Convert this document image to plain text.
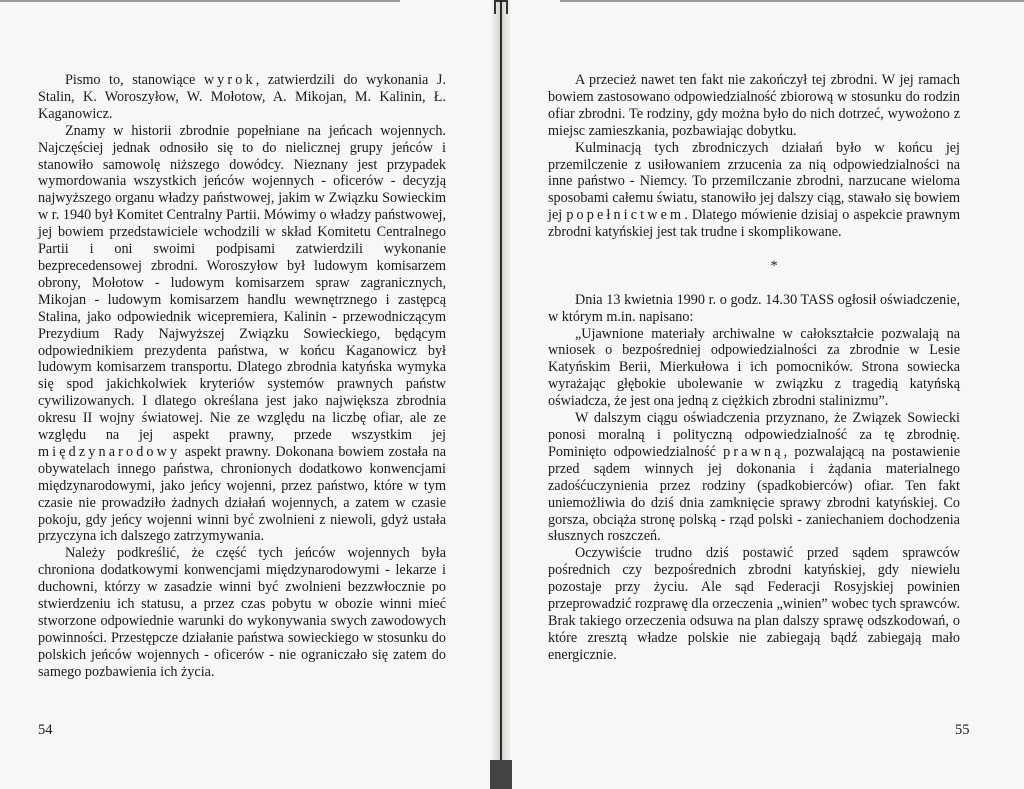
Pismo to, stanowiące wyrok, zatwierdzili do wykonania J. Stalin, K. Woroszyłow, W. Mołotow, A. Mikojan, M. Kalinin, Ł. Kaganowicz.

Znamy w historii zbrodnie popełniane na jeńcach wojennych. Najczęściej jednak odnosiło się to do nielicznej grupy jeńców i stanowiło samowolę niższego dowódcy. Nieznany jest przypadek wymordowania wszystkich jeńców wojennych - oficerów - decyzją najwyższego organu władzy państwowej, jakim w Związku Sowieckim w r. 1940 był Komitet Centralny Partii. Mówimy o władzy państwowej, jej bowiem przedstawiciele wchodzili w skład Komitetu Centralnego Partii i oni swoimi podpisami zatwierdzili wykonanie bezprecedensowej zbrodni. Woroszyłow był ludowym komisarzem obrony, Mołotow - ludowym komisarzem spraw zagranicznych, Mikojan - ludowym komisarzem handlu wewnętrznego i zastępcą Stalina, jako odpowiednik wicepremiera, Kalinin - przewodniczącym Prezydium Rady Najwyższej Związku Sowieckiego, będącym odpowiednikiem prezydenta państwa, w końcu Kaganowicz był ludowym komisarzem transportu. Dlatego zbrodnia katyńska wymyka się spod jakichkolwiek kryteriów systemów prawnych państw cywilizowanych. I dlatego określana jest jako największa zbrodnia okresu II wojny światowej. Nie ze względu na liczbę ofiar, ale ze względu na jej aspekt prawny, przede wszystkim jej międzynarodowy aspekt prawny. Dokonana bowiem została na obywatelach innego państwa, chronionych dodatkowo konwencjami międzynarodowymi, jako jeńcy wojenni, przez państwo, które w tym czasie nie prowadziło żadnych działań wojennych, a zatem w czasie pokoju, gdy jeńcy wojenni winni być zwolnieni z niewoli, gdyż ustała przyczyna ich dalszego zatrzymywania.

Należy podkreślić, że część tych jeńców wojennych była chroniona dodatkowymi konwencjami międzynarodowymi - lekarze i duchowni, którzy w zasadzie winni być zwolnieni bezzwłocznie po stwierdzeniu ich statusu, a przez czas pobytu w obozie winni mieć stworzone odpowiednie warunki do wykonywania swych zawodowych powinności. Przestępcze działanie państwa sowieckiego w stosunku do polskich jeńców wojennych - oficerów - nie ograniczało się zatem do samego pozbawienia ich życia.

54

A przecież nawet ten fakt nie zakończył tej zbrodni. W jej ramach bowiem zastosowano odpowiedzialność zbiorową w stosunku do rodzin ofiar zbrodni. Te rodziny, gdy można było do nich dotrzeć, wywożono z miejsc zamieszkania, pozbawiając dobytku.

Kulminacją tych zbrodniczych działań było w końcu jej przemilczenie z usiłowaniem zrzucenia za nią odpowiedzialności na inne państwo - Niemcy. To przemilczanie zbrodni, narzucane wieloma sposobami całemu światu, stanowiło jej dalszy ciąg, stawało się bowiem jej popełnictwem. Dlatego mówienie dzisiaj o aspekcie prawnym zbrodni katyńskiej jest tak trudne i skomplikowane.

*

Dnia 13 kwietnia 1990 r. o godz. 14.30 TASS ogłosił oświadczenie, w którym m.in. napisano:

„Ujawnione materiały archiwalne w całokształcie pozwalają na wniosek o bezpośredniej odpowiedzialności za zbrodnie w Lesie Katyńskim Berii, Mierkułowa i ich pomocników. Strona sowiecka wyrażając głębokie ubolewanie w związku z tragedią katyńską oświadcza, że jest ona jedną z ciężkich zbrodni stalinizmu”.

W dalszym ciągu oświadczenia przyznano, że Związek Sowiecki ponosi moralną i polityczną odpowiedzialność za tę zbrodnię. Pominięto odpowiedzialność prawną, pozwalającą na postawienie przed sądem winnych jej dokonania i żądania materialnego zadośćuczynienia przez rodziny (spadkobierców) ofiar. Ten fakt uniemożliwia do dziś dnia zamknięcie sprawy zbrodni katyńskiej. Co gorsza, obciąża stronę polską - rząd polski - zaniechaniem dochodzenia słusznych roszczeń.

Oczywiście trudno dziś postawić przed sądem sprawców pośrednich czy bezpośrednich zbrodni katyńskiej, gdy niewielu pozostaje przy życiu. Ale sąd Federacji Rosyjskiej powinien przeprowadzić rozprawę dla orzeczenia „winien” wobec tych sprawców. Brak takiego orzeczenia odsuwa na plan dalszy sprawę odszkodowań, o które zresztą władze polskie nie zabiegają bądź zabiegają mało energicznie.

55
